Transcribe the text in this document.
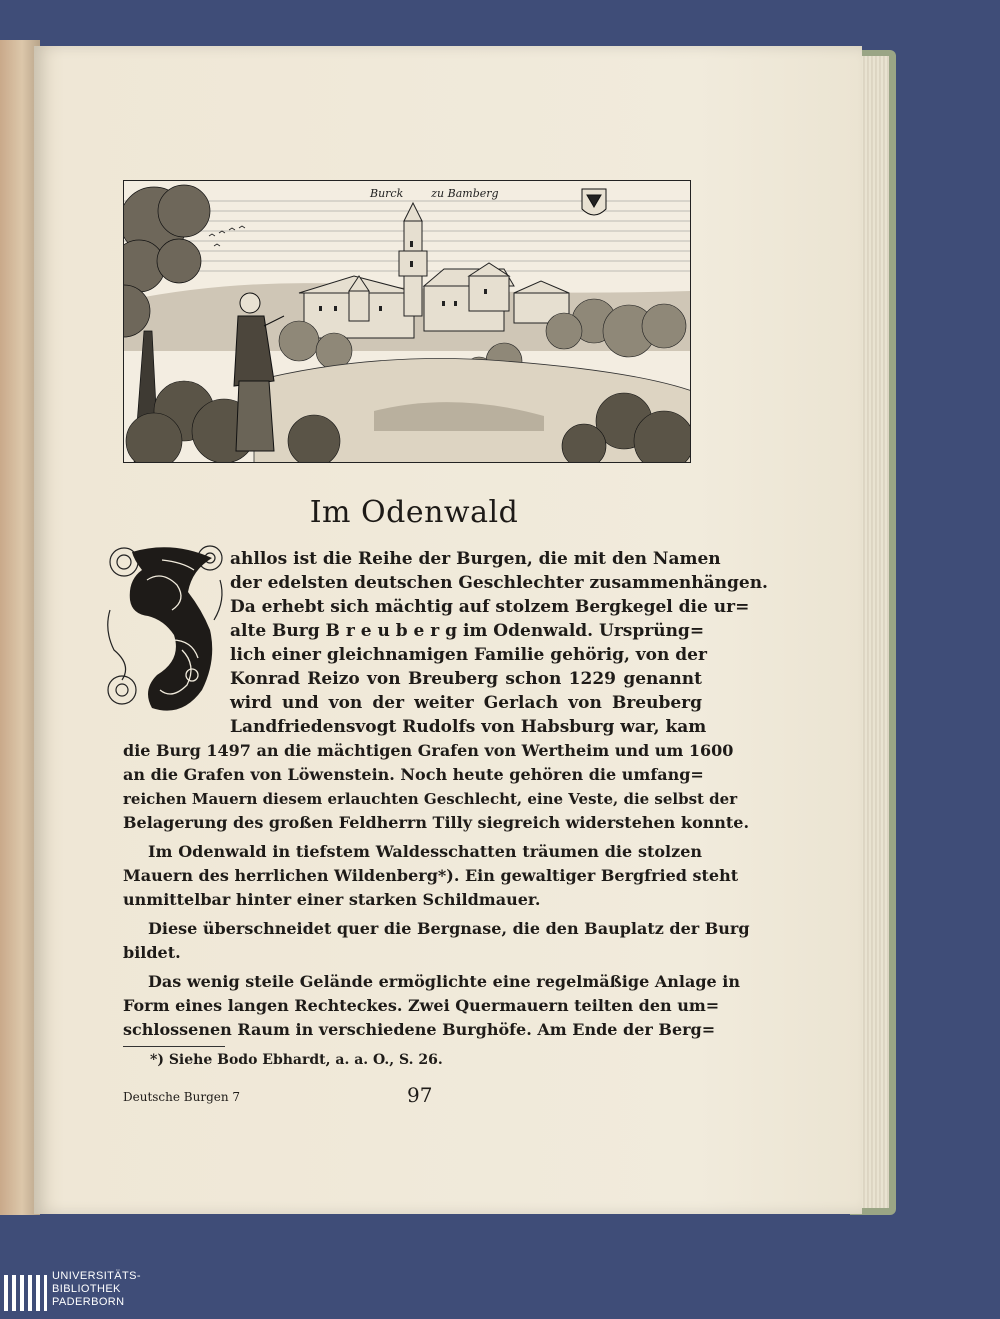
Burck	zu Bamberg
Im Odenwald
ahllos ist die Reihe der Burgen, die mit den Namen
der edelsten deutschen Geschlechter zusammenhängen.
Da erhebt sich mächtig auf stolzem Bergkegel die ur=
alte Burg B r e u b e r g im Odenwald. Ursprüng=
lich einer gleichnamigen Familie gehörig, von der
Konrad Reizo von Breuberg schon 1229 genannt
wird und von der weiter Gerlach von Breuberg
Landfriedensvogt Rudolfs von Habsburg war, kam
die Burg 1497 an die mächtigen Grafen von Wertheim und um 1600
an die Grafen von Löwenstein. Noch heute gehören die umfang=
reichen Mauern diesem erlauchten Geschlecht, eine Veste, die selbst der
Belagerung des großen Feldherrn Tilly siegreich widerstehen konnte.
Im Odenwald in tiefstem Waldesschatten träumen die stolzen
Mauern des herrlichen Wildenberg*). Ein gewaltiger Bergfried steht
unmittelbar hinter einer starken Schildmauer.
Diese überschneidet quer die Bergnase, die den Bauplatz der Burg
bildet.
Das wenig steile Gelände ermöglichte eine regelmäßige Anlage in
Form eines langen Rechteckes. Zwei Quermauern teilten den um=
schlossenen Raum in verschiedene Burghöfe. Am Ende der Berg=
*) Siehe Bodo Ebhardt, a. a. O., S. 26.
Deutsche Burgen 7	97
UNIVERSITÄTS-
BIBLIOTHEK
PADERBORN
